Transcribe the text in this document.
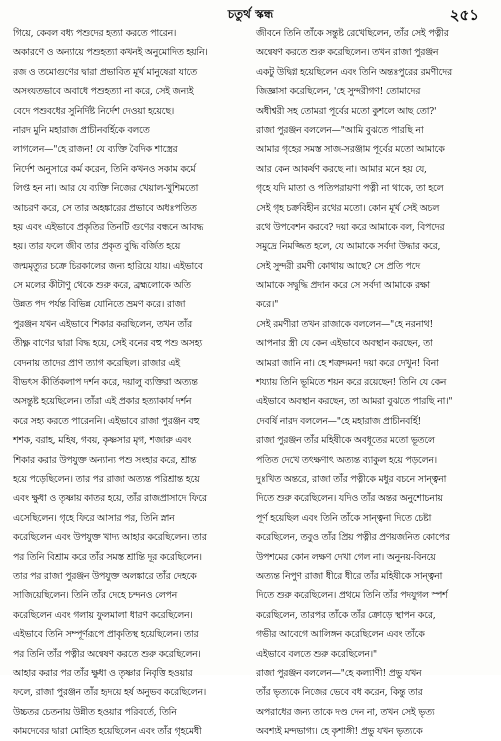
চতুর্থ স্কন্ধ	২৫১
গিয়ে, কেবল বধ্য পশুদের হত্যা করতে পারেন।
অকারণে ও অন্যায়ে পশুহত্যা কখনই অনুমোদিত হয়নি।
রজ ও তমোগুণের দ্বারা প্রভাবিত মূর্খ মানুষেরা যাতে
অসংযতভাবে অবাধে পশুহত্যা না করে, সেই জন্যই
বেদে পশুবধের সুনির্দিষ্ট নির্দেশ দেওয়া হয়েছে।
নারদ মুনি মহারাজ প্রাচীনবর্হিকে বলতে
লাগলেন—"হে রাজন! যে ব্যক্তি বৈদিক শাস্ত্রের
নির্দেশ অনুসারে কর্ম করেন, তিনি কখনও সকাম কর্মে
লিপ্ত হন না। আর যে ব্যক্তি নিজের খেয়াল-খুশিমতো
আচরণ করে, সে তার অহঙ্কারের প্রভাবে অধঃপতিত
হয় এবং এইভাবে প্রকৃতির তিনটি গুণের বন্ধনে আবদ্ধ
হয়। তার ফলে জীব তার প্রকৃত বুদ্ধি বর্জিত হয়ে
জন্মমৃত্যুর চক্রে চিরকালের জন্য হারিয়ে যায়। এইভাবে
সে মলের কীটাণু থেকে শুরু করে, ব্রহ্মলোকে অতি
উন্নত পদ পর্যন্ত বিভিন্ন যোনিতে ভ্রমণ করে। রাজা
পুরঞ্জন যখন এইভাবে শিকার করছিলেন, তখন তাঁর
তীক্ষ্ণ বাণের দ্বারা বিদ্ধ হয়ে, সেই বনের বহু পশু অসহ্য
বেদনায় তাদের প্রাণ ত্যাগ করেছিল। রাজার এই
বীভৎস কীর্তিকলাপ দর্শন করে, দয়ালু ব্যক্তিরা অত্যন্ত
অসন্তুষ্ট হয়েছিলেন। তাঁরা এই প্রকার হত্যাকার্য দর্শন
করে সহ্য করতে পারেননি। এইভাবে রাজা পুরঞ্জন বহু
শশক, বরাহ, মহিষ, গবয়, কৃষ্ণসার মৃগ, শজারু এবং
শিকার করার উপযুক্ত অন্যান্য পশু সংহার করে, শ্রান্ত
হয়ে পড়েছিলেন। তার পর রাজা অত্যন্ত পরিশ্রান্ত হয়ে
এবং ক্ষুধা ও তৃষ্ণায় কাতর হয়ে, তাঁর রাজপ্রাসাদে ফিরে
এসেছিলেন। গৃহে ফিরে আসার পর, তিনি স্নান
করেছিলেন এবং উপযুক্ত খাদ্য আহার করেছিলেন। তার
পর তিনি বিশ্রাম করে তাঁর সমস্ত শ্রান্তি দূর করেছিলেন।
তার পর রাজা পুরঞ্জন উপযুক্ত অলঙ্কারে তাঁর দেহকে
সাজিয়েছিলেন। তিনি তাঁর দেহে চন্দনও লেপন
করেছিলেন এবং গলায় ফুলমালা ধারণ করেছিলেন।
এইভাবে তিনি সম্পূর্ণরূপে প্রাকৃতিস্থ হয়েছিলেন। তার
পর তিনি তাঁর পত্নীর অন্বেষণ করতে শুরু করেছিলেন।
আহার করার পর তাঁর ক্ষুধা ও তৃষ্ণার নিবৃত্তি হওয়ার
ফলে, রাজা পুরঞ্জন তাঁর হৃদয়ে হর্ষ অনুভব করেছিলেন।
উচ্চতর চেতনায় উন্নীত হওয়ার পরিবর্তে, তিনি
কামদেবের দ্বারা মোহিত হয়েছিলেন এবং তাঁর গৃহমেধী
জীবনে তিনি তাঁকে সন্তুষ্ট রেখেছিলেন, তাঁর সেই পত্নীর
অন্বেষণ করতে শুরু করেছিলেন। তখন রাজা পুরঞ্জন
একটু উদ্বিগ্ন হয়েছিলেন এবং তিনি অন্তঃপুরের রমণীদের
জিজ্ঞাসা করেছিলেন, 'হে সুন্দরীগণ! তোমাদের
অধীশ্বরী সহ তোমরা পূর্বের মতো কুশলে আছ তো?'
রাজা পুরঞ্জন বললেন—"আমি বুঝতে পারছি না
আমার গৃহের সমস্ত সাজ-সরঞ্জাম পূর্বের মতো আমাকে
আর কেন আকর্ষণ করছে না। আমার মনে হয় যে,
গৃহে যদি মাতা ও পতিপরায়ণা পত্নী না থাকে, তা হলে
সেই গৃহ চক্রবিহীন রথের মতো। কোন মূর্খ সেই অচল
রথে উপবেশন করবে? দয়া করে আমাকে বল, বিপদের
সমুদ্রে নিমজ্জিত হলে, যে আমাকে সর্বদা উদ্ধার করে,
সেই সুন্দরী রমণী কোথায় আছে? সে প্রতি পদে
আমাকে সদ্বুদ্ধি প্রদান করে সে সর্বদা আমাকে রক্ষা
করে।"
সেই রমণীরা তখন রাজাকে বললেন—"হে নরনাথ!
আপনার স্ত্রী যে কেন এইভাবে অবস্থান করছেন, তা
আমরা জানি না। হে শত্রুদমন! দয়া করে দেখুন! বিনা
শয্যায় তিনি ভূমিতে শয়ন করে রয়েছেন! তিনি যে কেন
এইভাবে অবস্থান করছেন, তা আমরা বুঝতে পারছি না।"
দেবর্ষি নারদ বললেন—"হে মহারাজ প্রাচীনবর্হি!
রাজা পুরঞ্জন তাঁর মহিষীকে অবধূতের মতো ভূতলে
পতিত দেখে তৎক্ষণাৎ অত্যন্ত ব্যাকুল হয়ে পড়লেন।
দুঃখিত অন্তরে, রাজা তাঁর পত্নীকে মধুর বচনে সান্ত্বনা
দিতে শুরু করেছিলেন। যদিও তাঁর অন্তর অনুশোচনায়
পূর্ণ হয়েছিল এবং তিনি তাঁকে সান্ত্বনা দিতে চেষ্টা
করেছিলেন, তবুও তাঁর প্রিয় পত্নীর প্রণয়জনিত কোপের
উপশমের কোন লক্ষণ দেখা গেল না। অনুনয়-বিনয়ে
অত্যন্ত নিপুণ রাজা ধীরে ধীরে তাঁর মহিষীকে সান্ত্বনা
দিতে শুরু করেছিলেন। প্রথমে তিনি তাঁর পদযুগল স্পর্শ
করেছিলেন, তারপর তাঁকে তাঁর ক্রোড়ে স্থাপন করে,
গভীর আবেগে আলিঙ্গন করেছিলেন এবং তাঁকে
এইভাবে বলতে শুরু করেছিলেন।"
রাজা পুরঞ্জন বললেন—"হে কল্যাণী! প্রভু যখন
তাঁর ভৃত্যকে নিজের ভেবে বধ করেন, কিন্তু তার
অপরাধের জন্য তাকে দণ্ড দেন না, তখন সেই ভৃত্য
অবশ্যই মন্দভাগ্য। হে কৃশাঙ্গী! প্রভু যখন ভৃত্যকে
